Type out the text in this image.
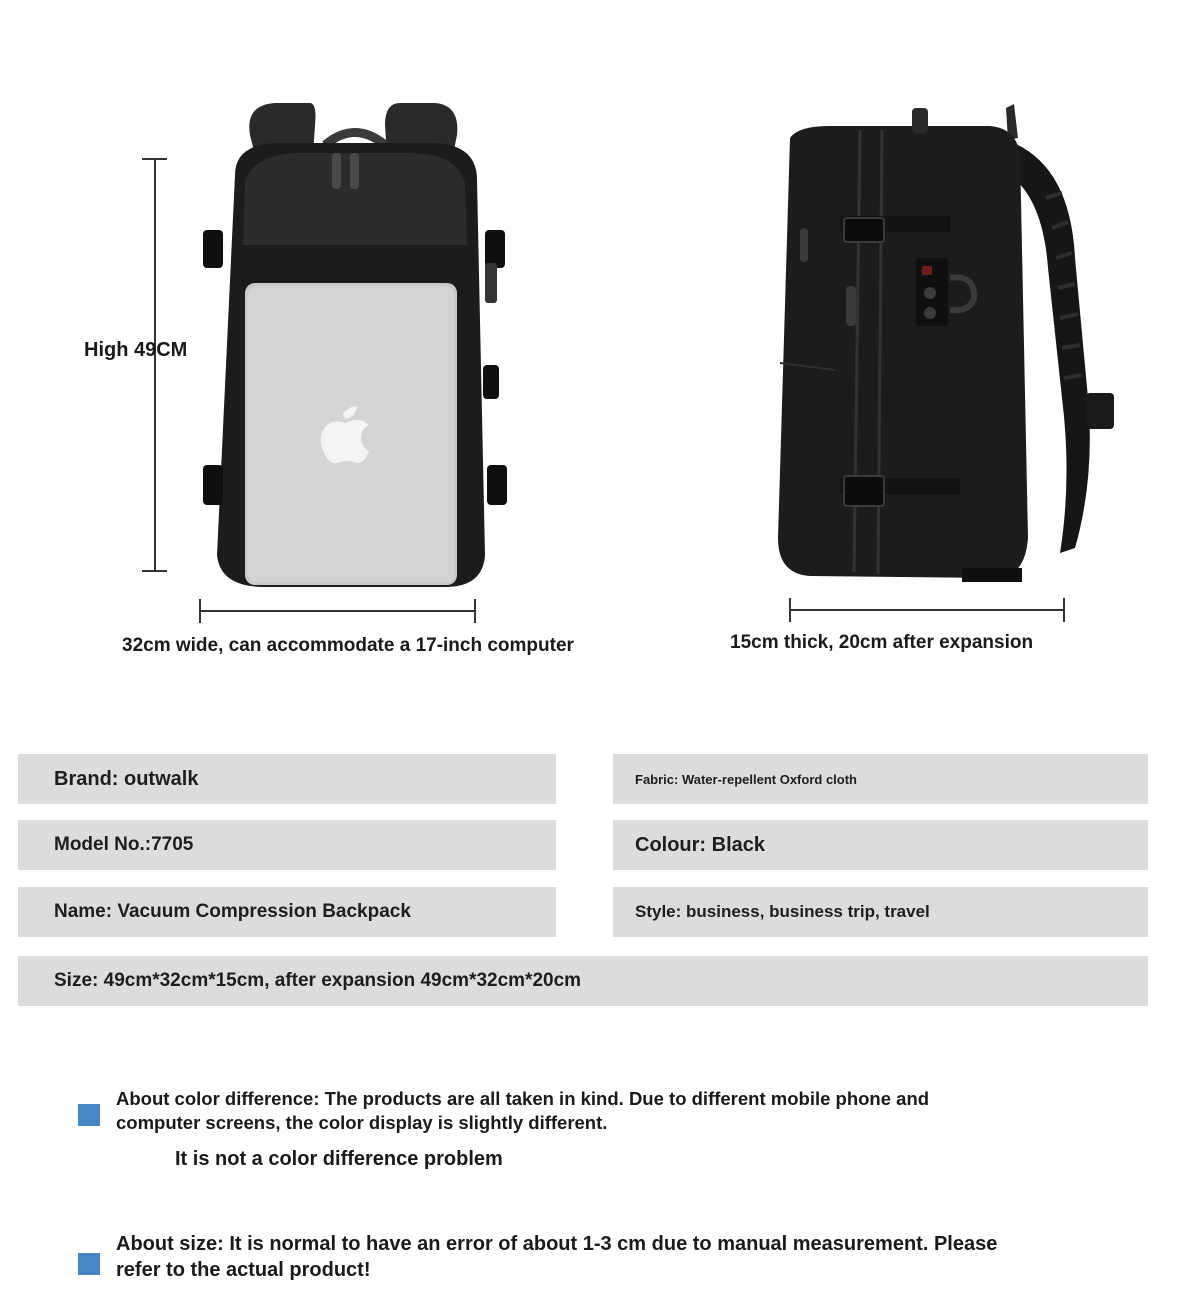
High 49CM
32cm wide, can accommodate a 17-inch computer	15cm thick, 20cm after expansion
Brand: outwalk	Fabric: Water-repellent Oxford cloth
Model No.:7705	Colour: Black
Name: Vacuum Compression Backpack	Style: business, business trip, travel
Size: 49cm*32cm*15cm, after expansion 49cm*32cm*20cm
About color difference: The products are all taken in kind. Due to different mobile phone and
computer screens, the color display is slightly different.
It is not a color difference problem
About size: It is normal to have an error of about 1-3 cm due to manual measurement. Please
refer to the actual product!
